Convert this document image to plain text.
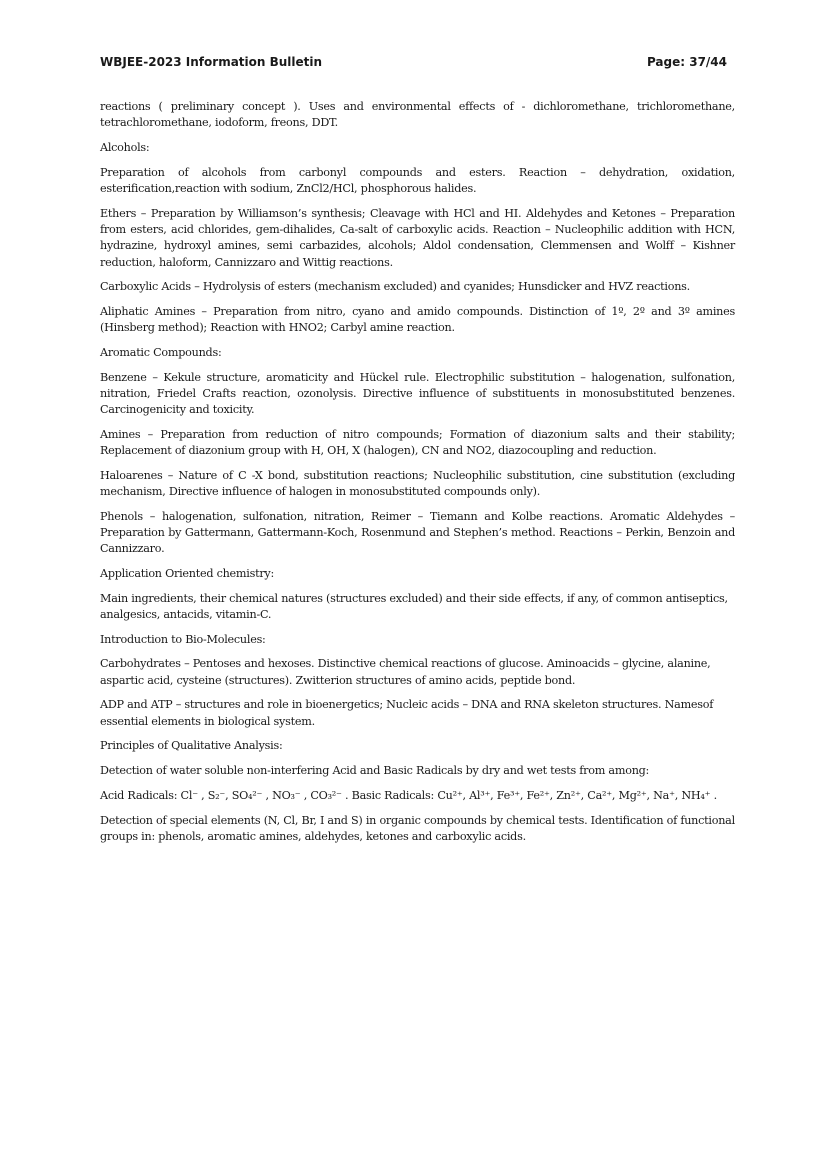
WBJEE-2023 Information Bulletin	Page: 37/44

reactions ( preliminary concept ). Uses and environmental effects of - dichloromethane, trichloromethane, tetrachloromethane, iodoform, freons, DDT.

Alcohols:

Preparation of alcohols from carbonyl compounds and esters. Reaction – dehydration, oxidation, esterification,reaction with sodium, ZnCl2/HCl, phosphorous halides.

Ethers – Preparation by Williamson’s synthesis; Cleavage with HCl and HI. Aldehydes and Ketones – Preparation from esters, acid chlorides, gem-dihalides, Ca-salt of carboxylic acids. Reaction – Nucleophilic addition with HCN, hydrazine, hydroxyl amines, semi carbazides, alcohols; Aldol condensation, Clemmensen and Wolff – Kishner reduction, haloform, Cannizzaro and Wittig reactions.

Carboxylic Acids – Hydrolysis of esters (mechanism excluded) and cyanides; Hunsdicker and HVZ reactions.

Aliphatic Amines – Preparation from nitro, cyano and amido compounds. Distinction of 1º, 2º and 3º amines (Hinsberg method); Reaction with HNO2; Carbyl amine reaction.

Aromatic Compounds:

Benzene – Kekule structure, aromaticity and Hückel rule. Electrophilic substitution – halogenation, sulfonation, nitration, Friedel Crafts reaction, ozonolysis. Directive influence of substituents in monosubstituted benzenes. Carcinogenicity and toxicity.

Amines – Preparation from reduction of nitro compounds; Formation of diazonium salts and their stability; Replacement of diazonium group with H, OH, X (halogen), CN and NO2, diazocoupling and reduction.

Haloarenes – Nature of C -X bond, substitution reactions; Nucleophilic substitution, cine substitution (excluding mechanism, Directive influence of halogen in monosubstituted compounds only).

Phenols – halogenation, sulfonation, nitration, Reimer – Tiemann and Kolbe reactions. Aromatic Aldehydes – Preparation by Gattermann, Gattermann-Koch, Rosenmund and Stephen’s method. Reactions – Perkin, Benzoin and Cannizzaro.

Application Oriented chemistry:

Main ingredients, their chemical natures (structures excluded) and their side effects, if any, of common antiseptics, analgesics, antacids, vitamin-C.

Introduction to Bio-Molecules:

Carbohydrates – Pentoses and hexoses. Distinctive chemical reactions of glucose. Aminoacids – glycine, alanine, aspartic acid, cysteine (structures). Zwitterion structures of amino acids, peptide bond.

ADP and ATP – structures and role in bioenergetics; Nucleic acids – DNA and RNA skeleton structures. Namesof essential elements in biological system.

Principles of Qualitative Analysis:

Detection of water soluble non-interfering Acid and Basic Radicals by dry and wet tests from among:

Acid Radicals: Cl⁻ , S₂⁻, SO₄²⁻ , NO₃⁻ , CO₃²⁻ . Basic Radicals: Cu²⁺, Al³⁺, Fe³⁺, Fe²⁺, Zn²⁺, Ca²⁺, Mg²⁺, Na⁺, NH₄⁺ .

Detection of special elements (N, Cl, Br, I and S) in organic compounds by chemical tests. Identification of functional groups in: phenols, aromatic amines, aldehydes, ketones and carboxylic acids.
